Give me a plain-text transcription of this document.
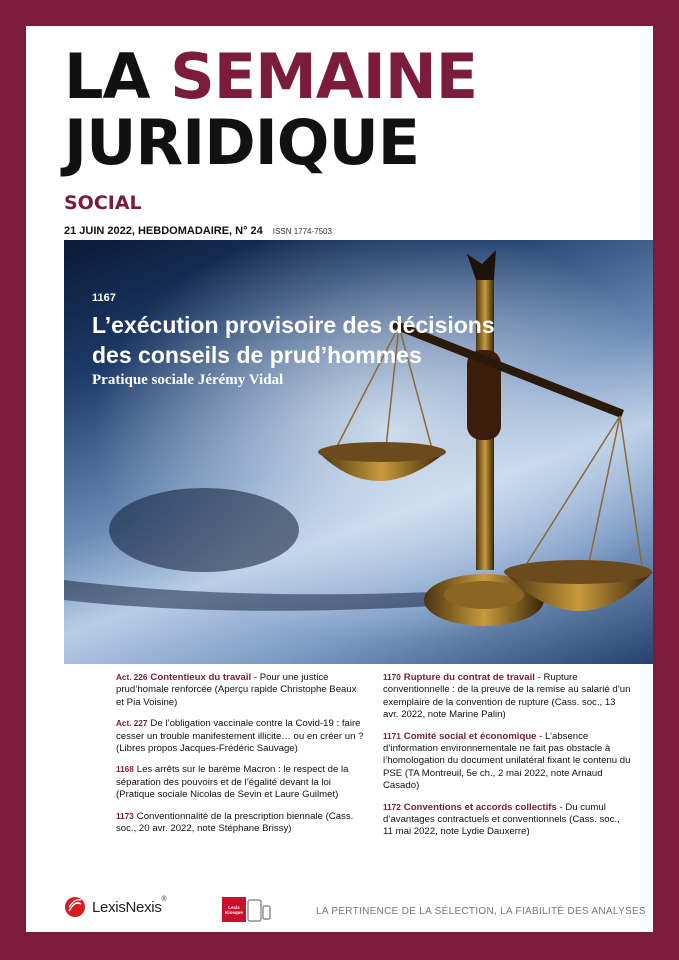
LA SEMAINE
JURIDIQUE
SOCIAL
21 JUIN 2022, HEBDOMADAIRE, N° 24 ISSN 1774-7503
1167
L’exécution provisoire des décisions
des conseils de prud’hommes
Pratique sociale Jérémy Vidal
Act. 226 Contentieux du travail - Pour une justice prud’homale renforcée (Aperçu rapide Christophe Beaux et Pia Voisine)
Act. 227 De l’obligation vaccinale contre la Covid-19 : faire cesser un trouble manifestement illicite… ou en créer un ? (Libres propos Jacques-Frédéric Sauvage)
1168 Les arrêts sur le barème Macron : le respect de la séparation des pouvoirs et de l’égalité devant la loi (Pratique sociale Nicolas de Sevin et Laure Guilmet)
1173 Conventionnalité de la prescription biennale (Cass. soc., 20 avr. 2022, note Stéphane Brissy)
1170 Rupture du contrat de travail - Rupture conventionnelle : de la preuve de la remise au salarié d’un exemplaire de la convention de rupture (Cass. soc., 13 avr. 2022, note Marine Palin)
1171 Comité social et économique - L’absence d’information environnementale ne fait pas obstacle à l’homologation du document unilatéral fixant le contenu du PSE (TA Montreuil, 5e ch., 2 mai 2022, note Arnaud Casado)
1172 Conventions et accords collectifs - Du cumul d’avantages contractuels et conventionnels (Cass. soc., 11 mai 2022, note Lydie Dauxerre)
LexisNexis ®
Lexis Kiosque	LA PERTINENCE DE LA SÉLECTION, LA FIABILITÉ DES ANALYSES
